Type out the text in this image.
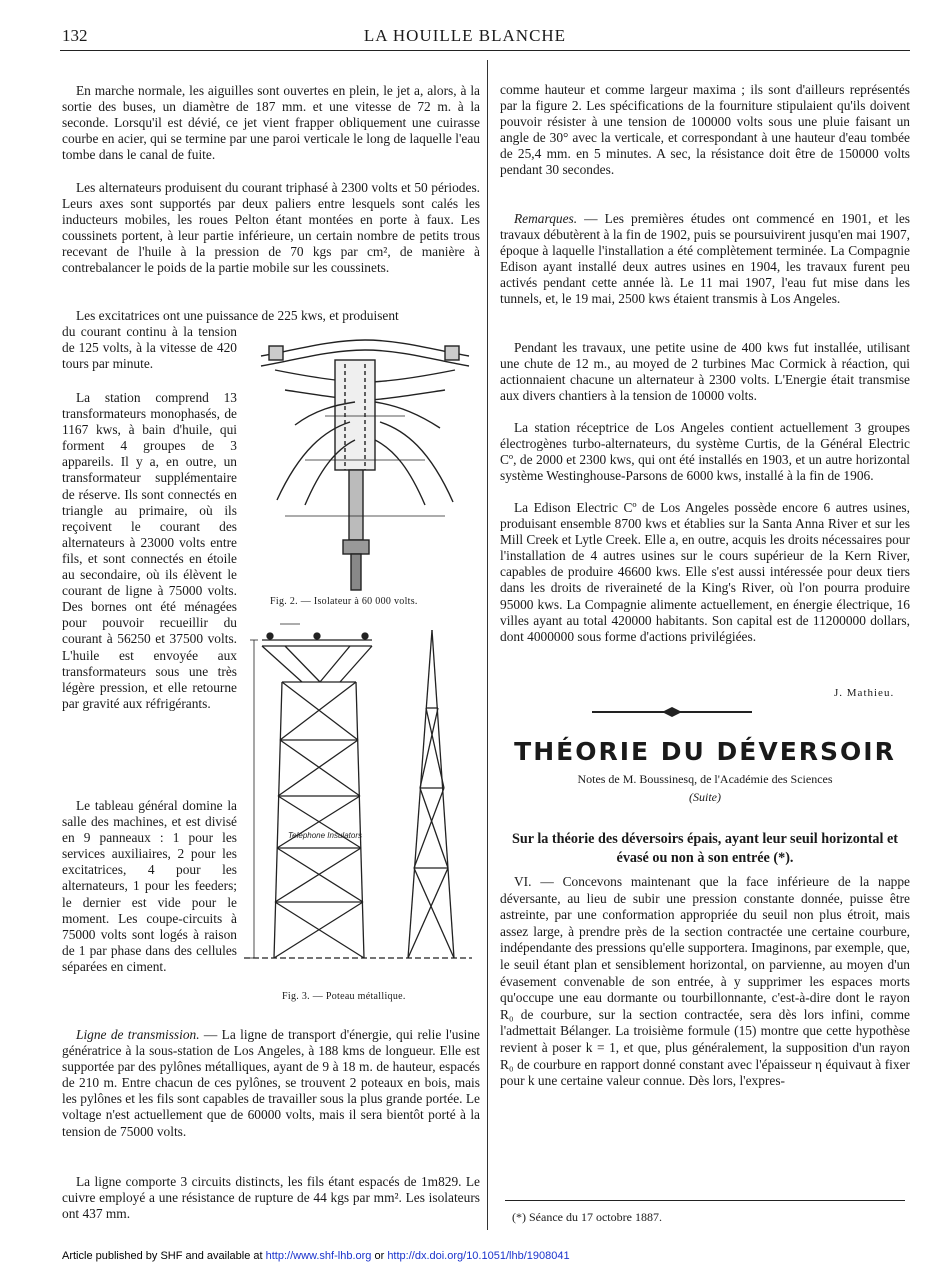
132	LA HOUILLE BLANCHE

En marche normale, les aiguilles sont ouvertes en plein, le jet a, alors, à la sortie des buses, un diamètre de 187 mm. et une vitesse de 72 m. à la seconde. Lorsqu'il est dévié, ce jet vient frapper obliquement une cuirasse courbe en acier, qui se termine par une paroi verticale le long de laquelle l'eau tombe dans le canal de fuite.

Les alternateurs produisent du courant triphasé à 2300 volts et 50 périodes. Leurs axes sont supportés par deux paliers entre lesquels sont calés les inducteurs mobiles, les roues Pelton étant montées en porte à faux. Les coussinets portent, à leur partie inférieure, un certain nombre de petits trous recevant de l'huile à la pression de 70 kgs par cm², de manière à contrebalancer le poids de la partie mobile sur les coussinets.

Les excitatrices ont une puissance de 225 kws, et produisent

du courant continu à la tension de 125 volts, à la vitesse de 420 tours par minute.

La station comprend 13 transformateurs monophasés, de 1167 kws, à bain d'huile, qui forment 4 groupes de 3 appareils. Il y a, en outre, un transformateur supplémentaire de réserve. Ils sont connectés en triangle au primaire, où ils reçoivent le courant des alternateurs à 23000 volts entre fils, et sont connectés en étoile au secondaire, où ils élèvent le courant de ligne à 75000 volts. Des bornes ont été ménagées pour pouvoir recueillir du courant à 56250 et 37500 volts. L'huile est envoyée aux transformateurs sous une très légère pression, et elle retourne par gravité aux réfrigérants.

Le tableau général domine la salle des machines, et est divisé en 9 panneaux : 1 pour les services auxiliaires, 2 pour les excitatrices, 4 pour les alternateurs, 1 pour les feeders; le dernier est vide pour le moment. Les coupe-circuits à 75000 volts sont logés à raison de 1 par phase dans des cellules séparées en ciment.

Ligne de transmission. — La ligne de transport d'énergie, qui relie l'usine génératrice à la sous-station de Los Angeles, à 188 kms de longueur. Elle est supportée par des pylônes métalliques, ayant de 9 à 18 m. de hauteur, espacés de 210 m. Entre chacun de ces pylônes, se trouvent 2 poteaux en bois, mais les pylônes et les fils sont capables de travailler sous la plus grande portée. Le voltage n'est actuellement que de 60000 volts, mais il sera bientôt porté à la tension de 75000 volts.

La ligne comporte 3 circuits distincts, les fils étant espacés de 1m829. Le cuivre employé a une résistance de rupture de 44 kgs par mm². Les isolateurs ont 437 mm.

Fig. 2. — Isolateur à 60 000 volts.
Telephone Insulators
Fig. 3. — Poteau métallique.

comme hauteur et comme largeur maxima ; ils sont d'ailleurs représentés par la figure 2. Les spécifications de la fourniture stipulaient qu'ils doivent pouvoir résister à une tension de 100000 volts sous une pluie faisant un angle de 30° avec la verticale, et correspondant à une hauteur d'eau tombée de 25,4 mm. en 5 minutes. A sec, la résistance doit être de 150000 volts pendant 30 secondes.

Remarques. — Les premières études ont commencé en 1901, et les travaux débutèrent à la fin de 1902, puis se poursuivirent jusqu'en mai 1907, époque à laquelle l'installation a été complètement terminée. La Compagnie Edison ayant installé deux autres usines en 1904, les travaux furent peu activés pendant cette année là. Le 11 mai 1907, l'eau fut mise dans les tunnels, et, le 19 mai, 2500 kws étaient transmis à Los Angeles.

Pendant les travaux, une petite usine de 400 kws fut installée, utilisant une chute de 12 m., au moyed de 2 turbines Mac Cormick à réaction, qui actionnaient chacune un alternateur à 2300 volts. L'Energie était transmise aux divers chantiers à la tension de 10000 volts.

La station réceptrice de Los Angeles contient actuellement 3 groupes électrogènes turbo-alternateurs, du système Curtis, de la Général Electric Cº, de 2000 et 2300 kws, qui ont été installés en 1903, et un autre horizontal système Westinghouse-Parsons de 6000 kws, installé à la fin de 1906.

La Edison Electric Cº de Los Angeles possède encore 6 autres usines, produisant ensemble 8700 kws et établies sur la Santa Anna River et sur les Mill Creek et Lytle Creek. Elle a, en outre, acquis les droits nécessaires pour l'installation de 4 autres usines sur le cours supérieur de la Kern River, capables de produire 46600 kws. Elle s'est aussi intéressée pour deux tiers dans les droits de riveraineté de la King's River, où l'on pourra produire 95000 kws. La Compagnie alimente actuellement, en énergie électrique, 16 villes ayant au total 420000 habitants. Son capital est de 11200000 dollars, dont 4000000 sous forme d'actions privilégiées.

J. Mathieu.
THÉORIE DU DÉVERSOIR
Notes de M. Boussinesq, de l'Académie des Sciences
(Suite)
Sur la théorie des déversoirs épais, ayant leur seuil horizontal et évasé ou non à son entrée (*).

VI. — Concevons maintenant que la face inférieure de la nappe déversante, au lieu de subir une pression constante donnée, puisse être astreinte, par une conformation appropriée du seuil non plus étroit, mais assez large, à prendre près de la section contractée une certaine courbure, indépendante des pressions qu'elle supportera. Imaginons, par exemple, que, le seuil étant plan et sensiblement horizontal, on parvienne, au moyen d'un évasement convenable de son entrée, à y supprimer les espaces morts qu'occupe une eau dormante ou tourbillonnante, c'est-à-dire dont le rayon R₀ de courbure, sur la section contractée, sera dès lors infini, comme l'admettait Bélanger. La troisième formule (15) montre que cette hypothèse revient à poser k = 1, et que, plus généralement, la supposition d'un rayon R₀ de courbure en rapport donné constant avec l'épaisseur η équivaut à fixer pour k une certaine valeur connue. Dès lors, l'expres-

(*) Séance du 17 octobre 1887.
Article published by SHF and available at http://www.shf-lhb.org or http://dx.doi.org/10.1051/lhb/1908041
